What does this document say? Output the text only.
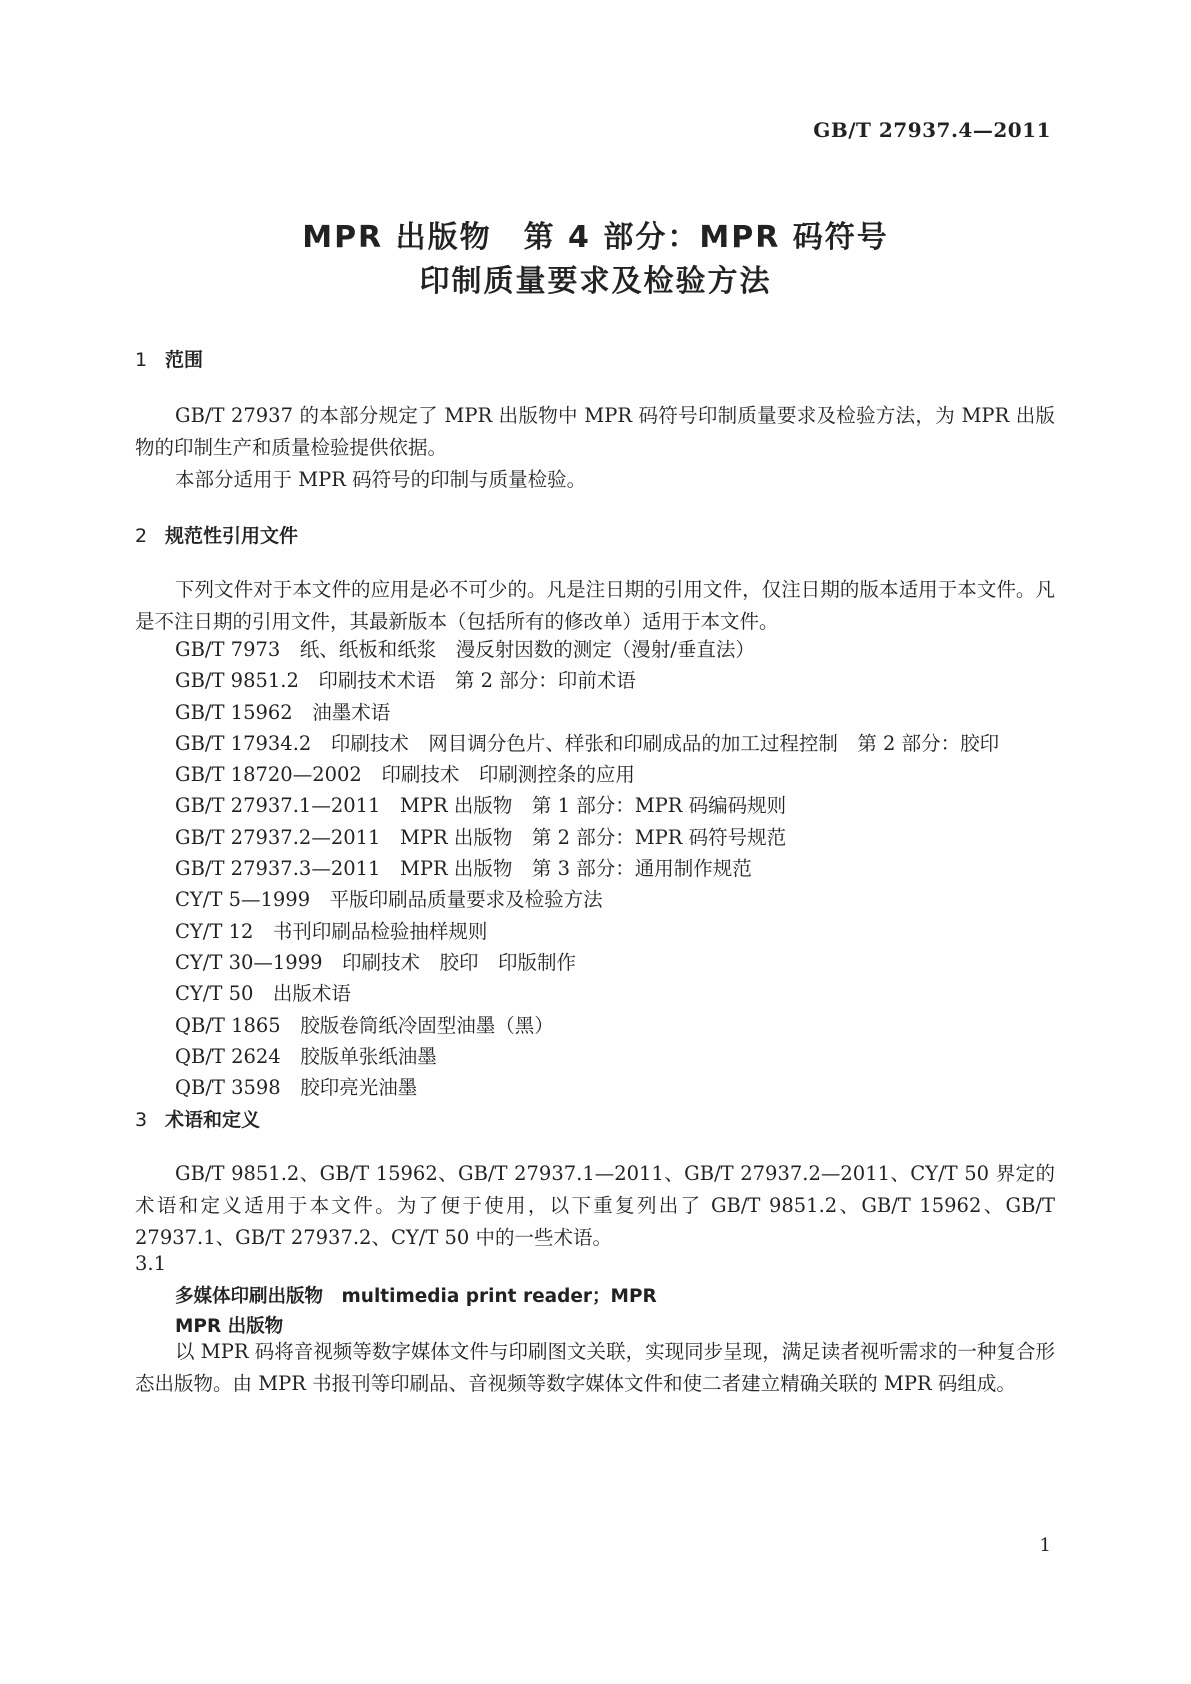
GB/T 27937.4—2011
MPR 出版物　第 4 部分：MPR 码符号
印制质量要求及检验方法
1 范围

GB/T 27937 的本部分规定了 MPR 出版物中 MPR 码符号印制质量要求及检验方法，为 MPR 出版物的印制生产和质量检验提供依据。

本部分适用于 MPR 码符号的印制与质量检验。

2 规范性引用文件

下列文件对于本文件的应用是必不可少的。凡是注日期的引用文件，仅注日期的版本适用于本文件。凡是不注日期的引用文件，其最新版本（包括所有的修改单）适用于本文件。

GB/T 7973　纸、纸板和纸浆　漫反射因数的测定（漫射/垂直法）
GB/T 9851.2　印刷技术术语　第 2 部分：印前术语
GB/T 15962　油墨术语
GB/T 17934.2　印刷技术　网目调分色片、样张和印刷成品的加工过程控制　第 2 部分：胶印
GB/T 18720—2002　印刷技术　印刷测控条的应用
GB/T 27937.1—2011　MPR 出版物　第 1 部分：MPR 码编码规则
GB/T 27937.2—2011　MPR 出版物　第 2 部分：MPR 码符号规范
GB/T 27937.3—2011　MPR 出版物　第 3 部分：通用制作规范
CY/T 5—1999　平版印刷品质量要求及检验方法
CY/T 12　书刊印刷品检验抽样规则
CY/T 30—1999　印刷技术　胶印　印版制作
CY/T 50　出版术语
QB/T 1865　胶版卷筒纸冷固型油墨（黑）
QB/T 2624　胶版单张纸油墨
QB/T 3598　胶印亮光油墨
3 术语和定义

GB/T 9851.2、GB/T 15962、GB/T 27937.1—2011、GB/T 27937.2—2011、CY/T 50 界定的术语和定义适用于本文件。为了便于使用，以下重复列出了 GB/T 9851.2、GB/T 15962、GB/T 27937.1、GB/T 27937.2、CY/T 50 中的一些术语。

3.1
多媒体印刷出版物　multimedia print reader；MPR
MPR 出版物

以 MPR 码将音视频等数字媒体文件与印刷图文关联，实现同步呈现，满足读者视听需求的一种复合形态出版物。由 MPR 书报刊等印刷品、音视频等数字媒体文件和使二者建立精确关联的 MPR 码组成。

1
